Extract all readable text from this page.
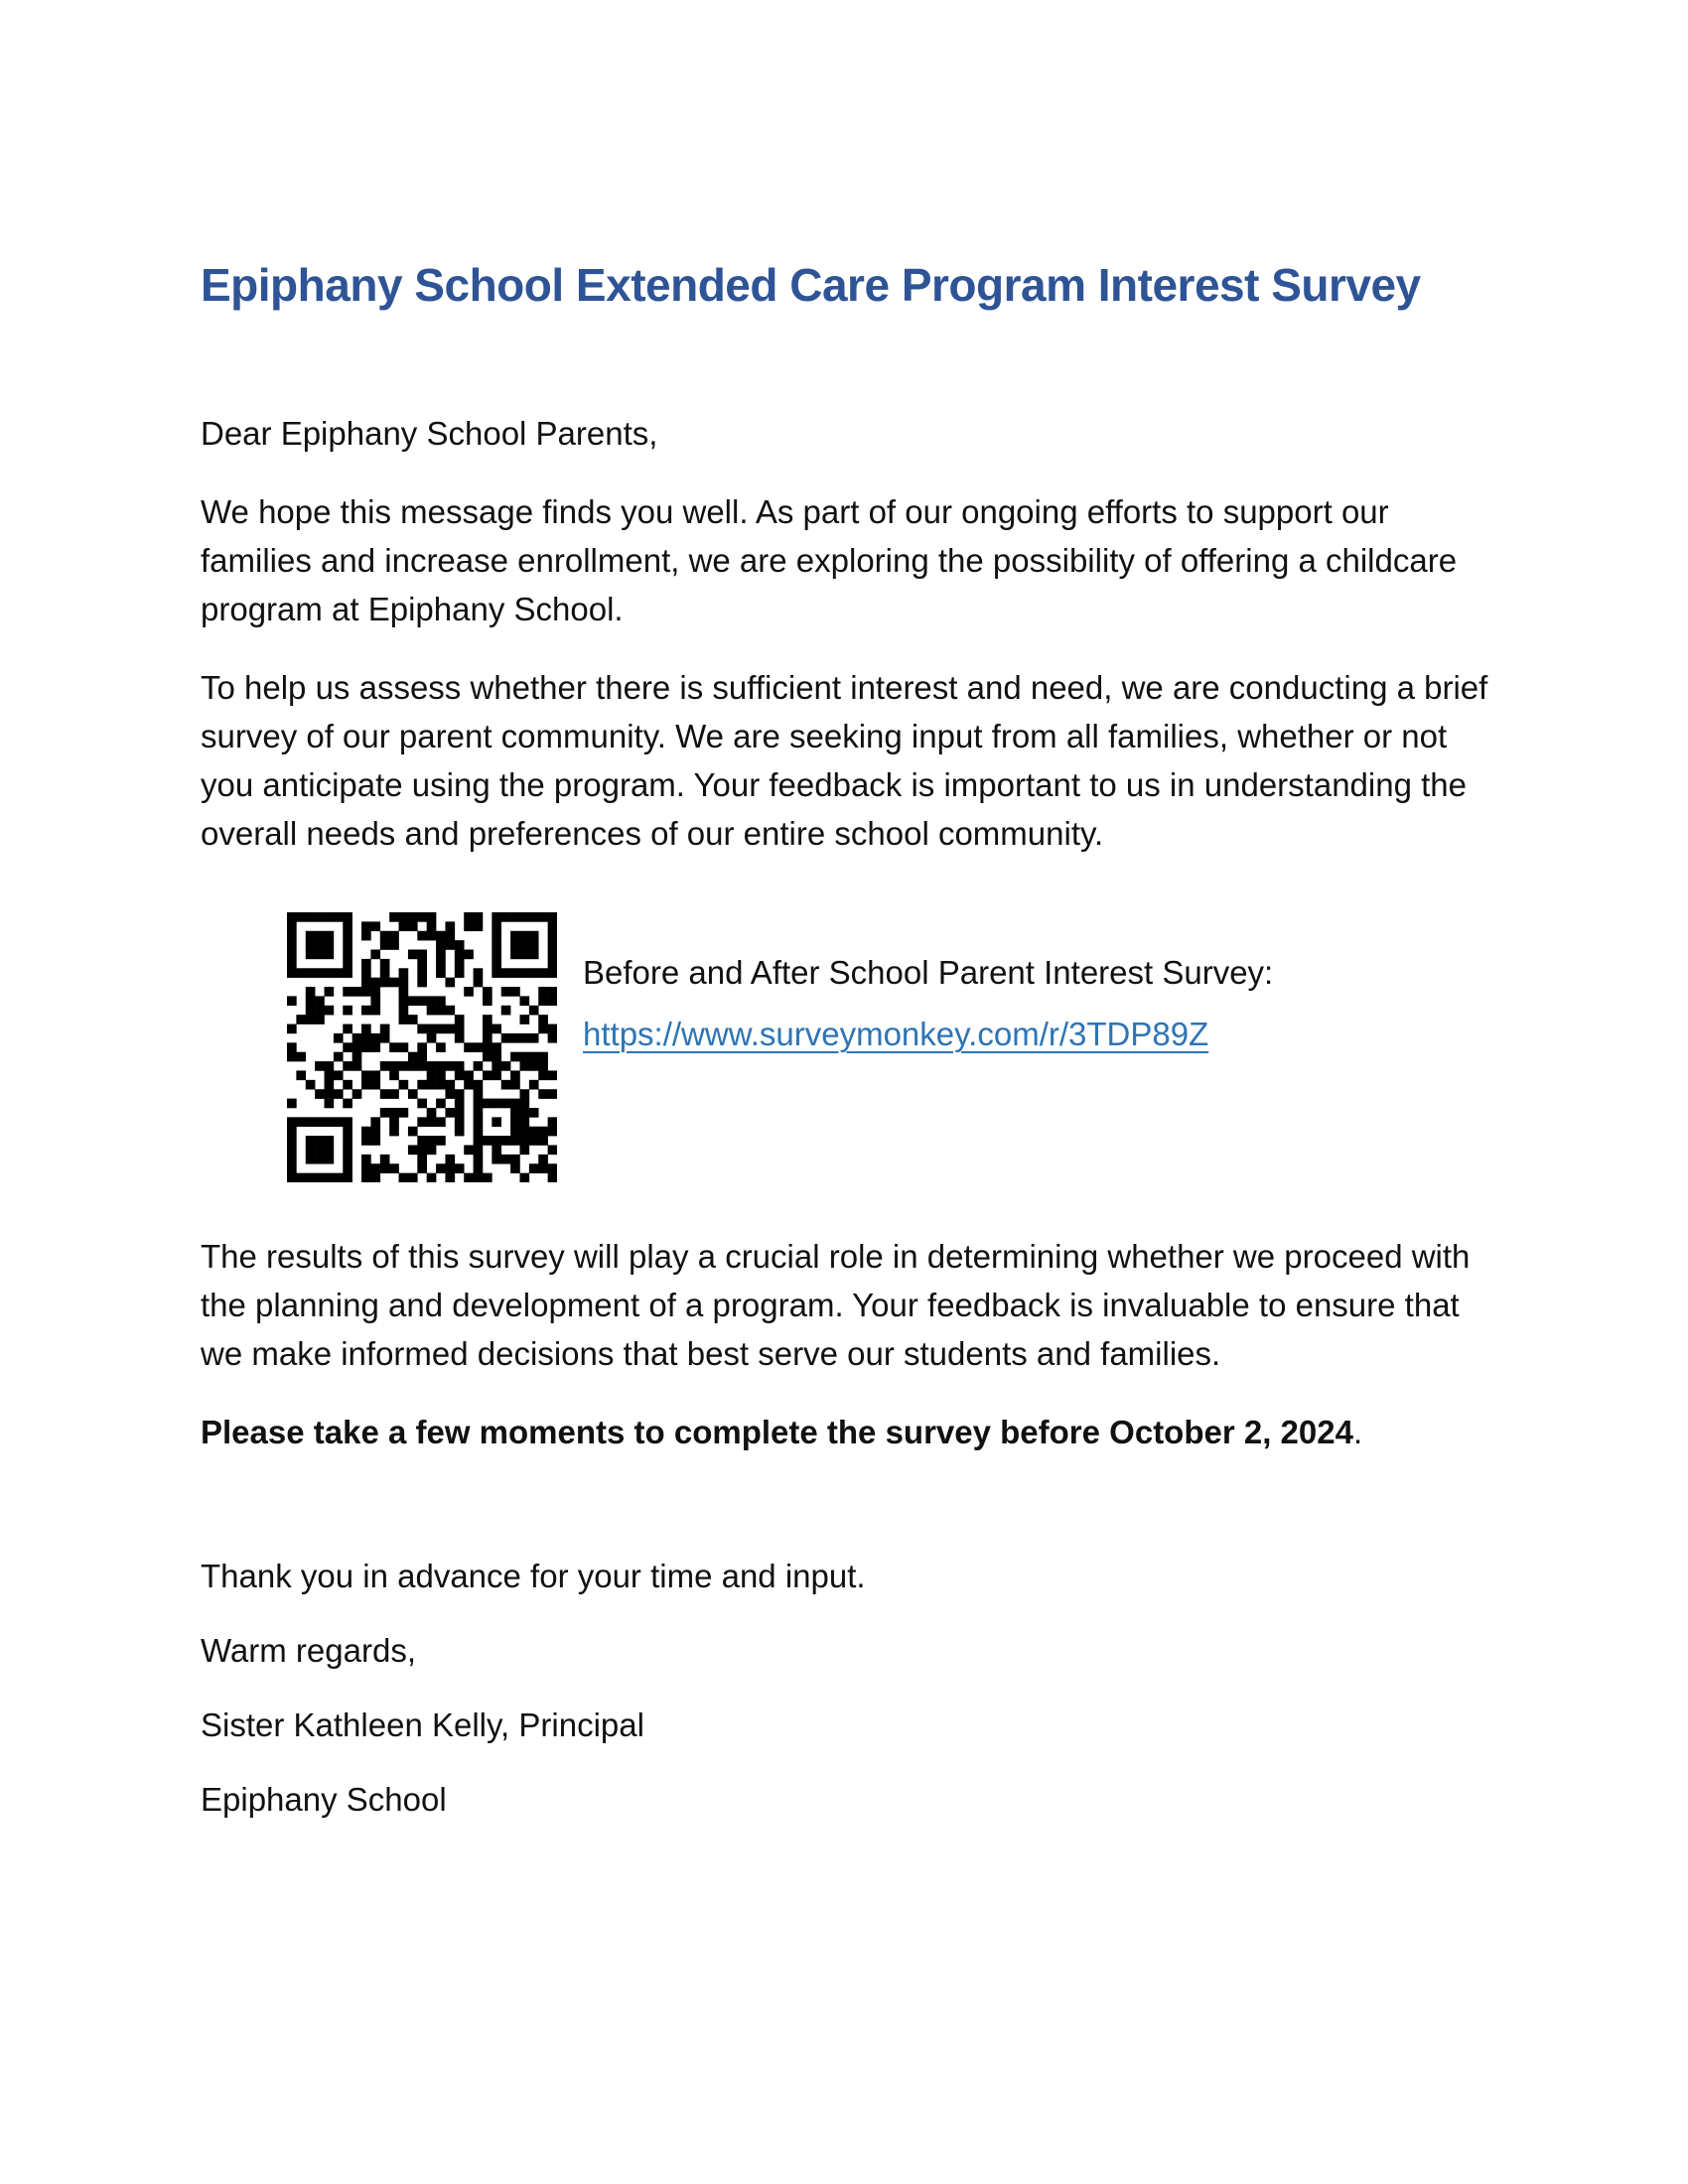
Epiphany School Extended Care Program Interest Survey

Dear Epiphany School Parents,

We hope this message finds you well. As part of our ongoing efforts to support our families and increase enrollment, we are exploring the possibility of offering a childcare program at Epiphany School.

To help us assess whether there is sufficient interest and need, we are conducting a brief survey of our parent community. We are seeking input from all families, whether or not you anticipate using the program. Your feedback is important to us in understanding the overall needs and preferences of our entire school community.

Before and After School Parent Interest Survey:

https://www.surveymonkey.com/r/3TDP89Z

The results of this survey will play a crucial role in determining whether we proceed with the planning and development of a program. Your feedback is invaluable to ensure that we make informed decisions that best serve our students and families.

Please take a few moments to complete the survey before October 2, 2024.

Thank you in advance for your time and input.

Warm regards,

Sister Kathleen Kelly, Principal

Epiphany School
